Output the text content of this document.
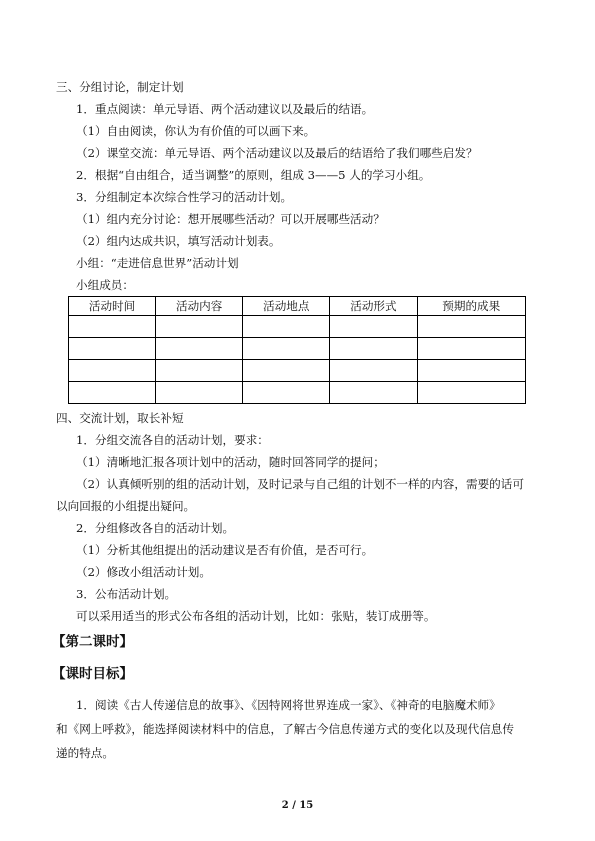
三、分组讨论，制定计划
1．重点阅读：单元导语、两个活动建议以及最后的结语。
（1）自由阅读，你认为有价值的可以画下来。
（2）课堂交流：单元导语、两个活动建议以及最后的结语给了我们哪些启发？
2．根据“自由组合，适当调整”的原则，组成 3——5 人的学习小组。
3．分组制定本次综合性学习的活动计划。
（1）组内充分讨论：想开展哪些活动？可以开展哪些活动？
（2）组内达成共识，填写活动计划表。
小组：“走进信息世界”活动计划
小组成员：
活动时间	活动内容	活动地点	活动形式	预期的成果

四、交流计划，取长补短
1．分组交流各自的活动计划，要求：
（1）清晰地汇报各项计划中的活动，随时回答同学的提问；
（2）认真倾听别的组的活动计划，及时记录与自己组的计划不一样的内容，需要的话可
以向回报的小组提出疑问。
2．分组修改各自的活动计划。
（1）分析其他组提出的活动建议是否有价值，是否可行。
（2）修改小组活动计划。
3．公布活动计划。
可以采用适当的形式公布各组的活动计划，比如：张贴，装订成册等。
【第二课时】
【课时目标】
1．阅读《古人传递信息的故事》、《因特网将世界连成一家》、《神奇的电脑魔术师》
和《网上呼救》，能选择阅读材料中的信息，了解古今信息传递方式的变化以及现代信息传
递的特点。
2 / 15
